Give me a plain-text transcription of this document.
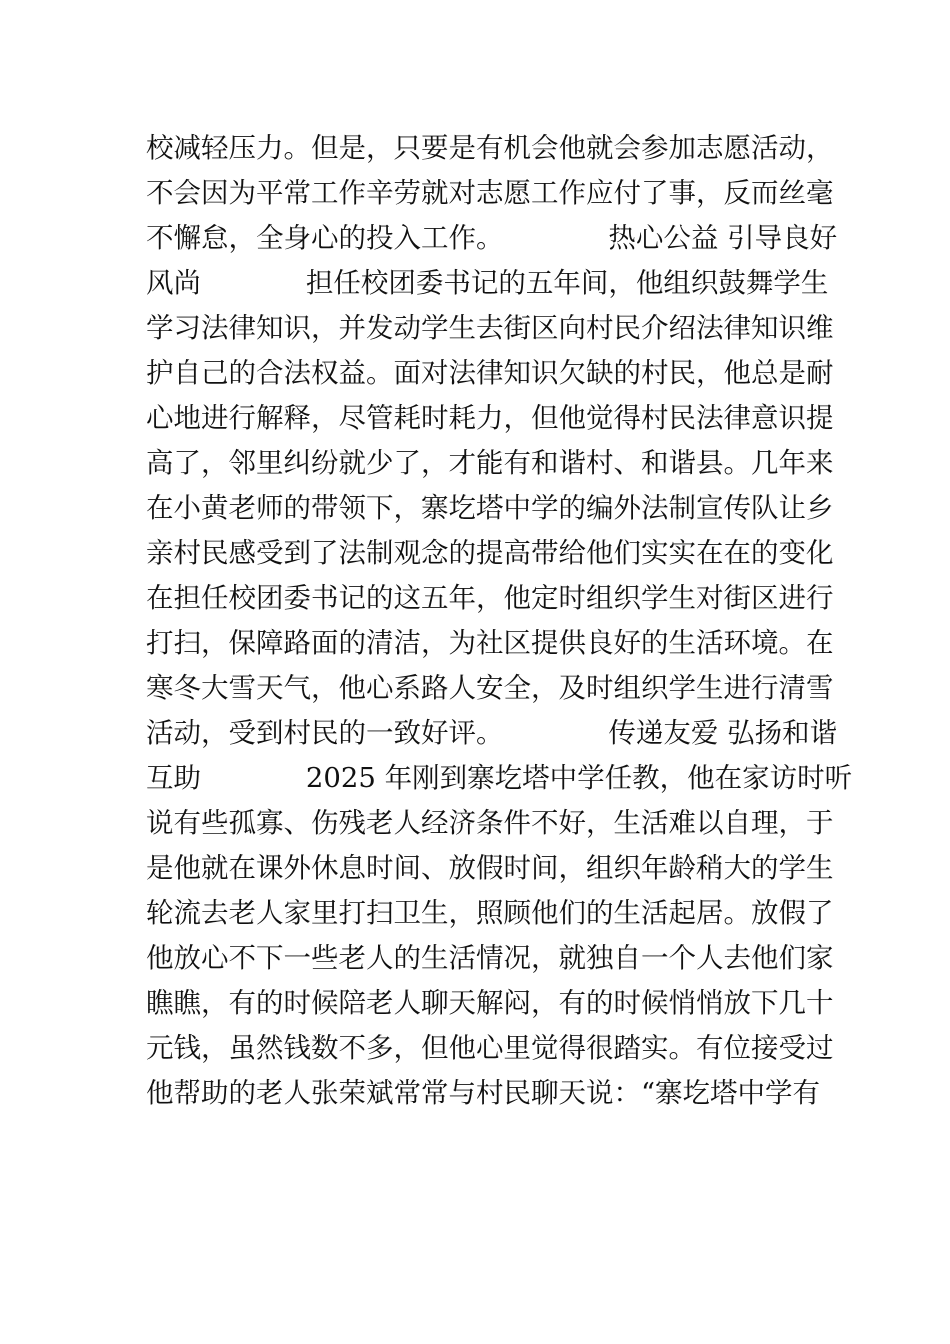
校减轻压力。但是，只要是有机会他就会参加志愿活动，
不会因为平常工作辛劳就对志愿工作应付了事，反而丝毫
不懈怠，全身心的投入工作。            热心公益 引导良好
风尚            担任校团委书记的五年间，他组织鼓舞学生
学习法律知识，并发动学生去街区向村民介绍法律知识维
护自己的合法权益。面对法律知识欠缺的村民，他总是耐
心地进行解释，尽管耗时耗力，但他觉得村民法律意识提
高了，邻里纠纷就少了，才能有和谐村、和谐县。几年来
在小黄老师的带领下，寨圪塔中学的编外法制宣传队让乡
亲村民感受到了法制观念的提高带给他们实实在在的变化
在担任校团委书记的这五年，他定时组织学生对街区进行
打扫，保障路面的清洁，为社区提供良好的生活环境。在
寒冬大雪天气，他心系路人安全，及时组织学生进行清雪
活动，受到村民的一致好评。            传递友爱 弘扬和谐
互助            2025 年刚到寨圪塔中学任教，他在家访时听
说有些孤寡、伤残老人经济条件不好，生活难以自理，于
是他就在课外休息时间、放假时间，组织年龄稍大的学生
轮流去老人家里打扫卫生，照顾他们的生活起居。放假了
他放心不下一些老人的生活情况，就独自一个人去他们家
瞧瞧，有的时候陪老人聊天解闷，有的时候悄悄放下几十
元钱，虽然钱数不多，但他心里觉得很踏实。有位接受过
他帮助的老人张荣斌常常与村民聊天说：“寨圪塔中学有
